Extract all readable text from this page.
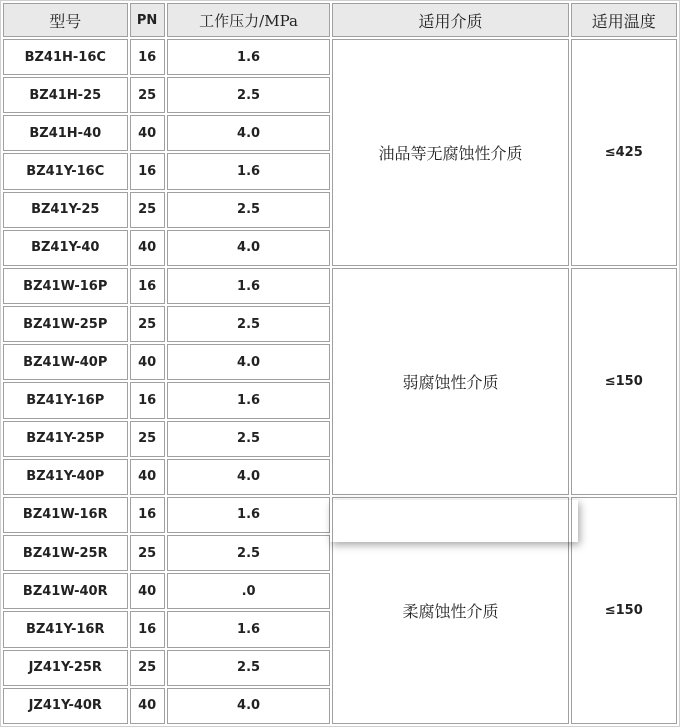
型号	PN	工作压力/MPa	适用介质	适用温度
BZ41H-16C	16	1.6	油品等无腐蚀性介质	≤425
BZ41H-25	25	2.5		
BZ41H-40	40	4.0		
BZ41Y-16C	16	1.6		
BZ41Y-25	25	2.5		
BZ41Y-40	40	4.0		
BZ41W-16P	16	1.6	弱腐蚀性介质	≤150
BZ41W-25P	25	2.5		
BZ41W-40P	40	4.0		
BZ41Y-16P	16	1.6		
BZ41Y-25P	25	2.5		
BZ41Y-40P	40	4.0		
BZ41W-16R	16	1.6	柔腐蚀性介质	≤150
BZ41W-25R	25	2.5		
BZ41W-40R	40	.0		
BZ41Y-16R	16	1.6		
JZ41Y-25R	25	2.5		
JZ41Y-40R	40	4.0		
